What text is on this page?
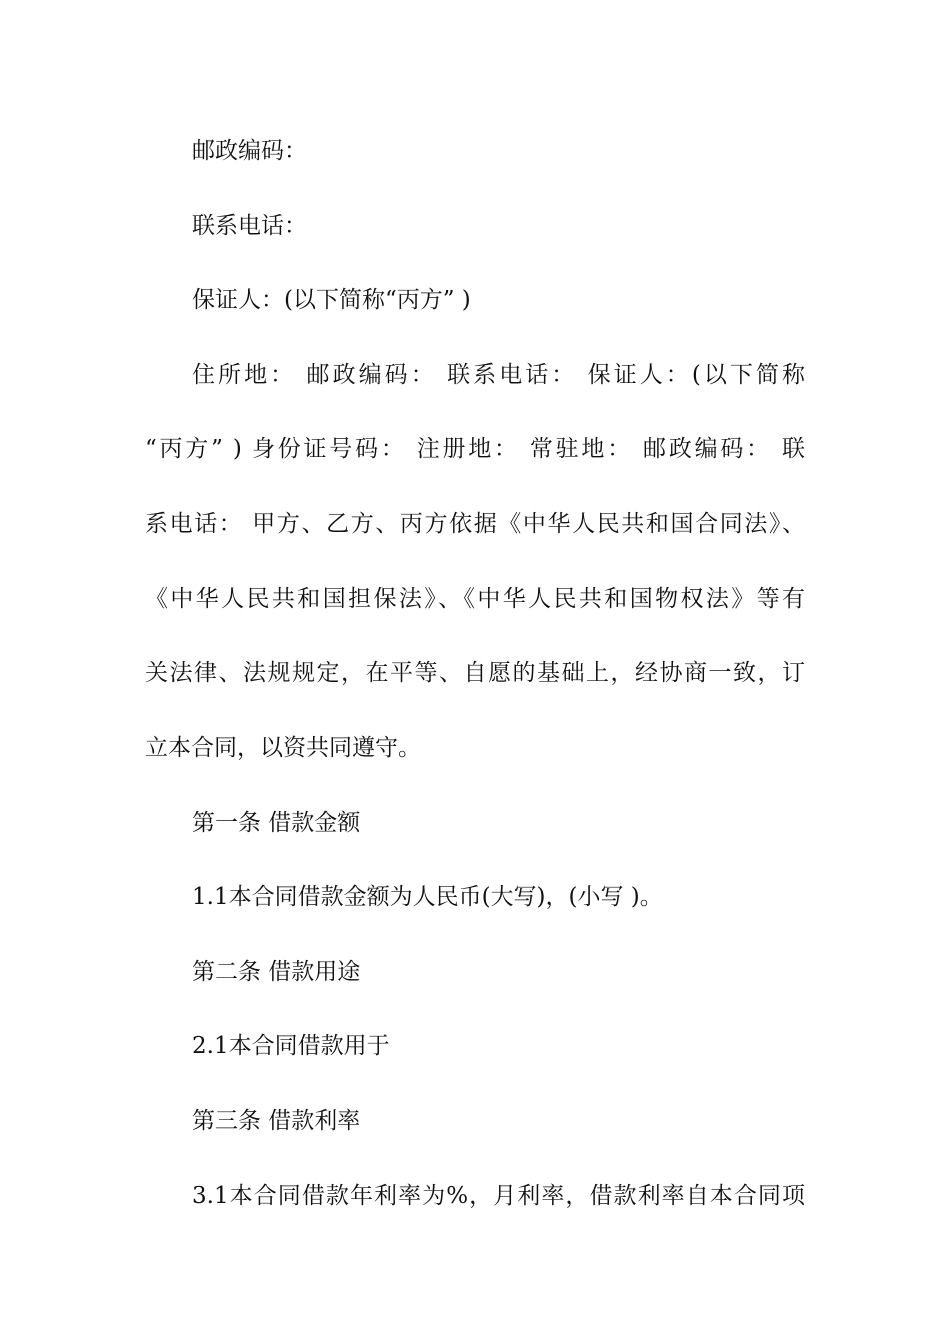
邮政编码：
联系电话：
保证人：(以下简称“丙方” )
住所地： 邮政编码： 联系电话： 保证人：(以下简称
“丙方” ) 身份证号码： 注册地： 常驻地： 邮政编码： 联
系电话： 甲方、乙方、丙方依据《中华人民共和国合同法》、
《中华人民共和国担保法》、《中华人民共和国物权法》等有
关法律、法规规定，在平等、自愿的基础上，经协商一致，订
立本合同，以资共同遵守。
第一条 借款金额
1.1本合同借款金额为人民币(大写)，(小写 )。
第二条 借款用途
2.1本合同借款用于
第三条 借款利率
3.1本合同借款年利率为%，月利率，借款利率自本合同项
